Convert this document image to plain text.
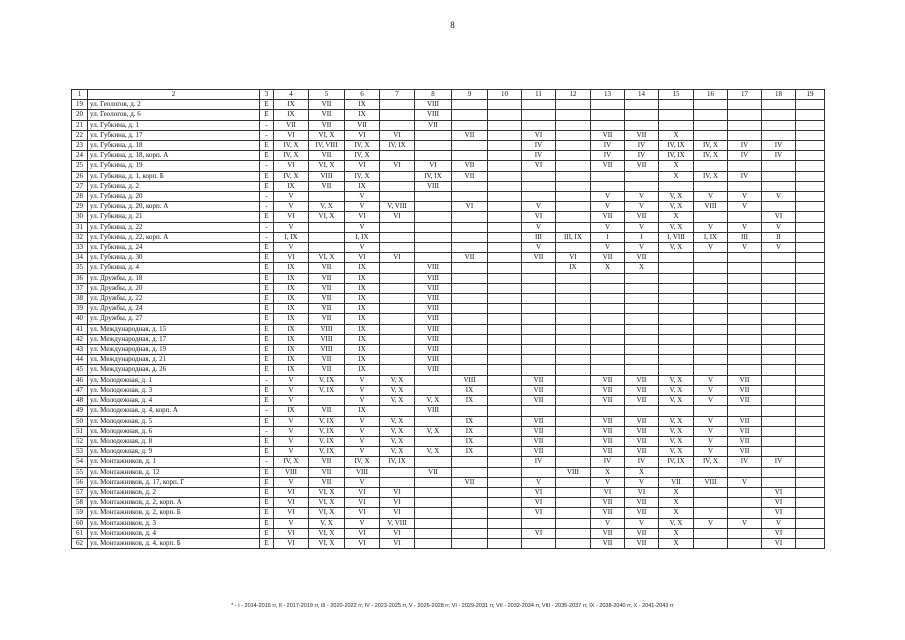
8
1	2	3	4	5	6	7	8	9	10	11	12	13	14	15	16	17	18	19
19	ул. Геологов, д. 2	Е	IX	VII	IX		VIII											
20	ул. Геологов, д. 6	Е	IX	VII	IX		VIII											
21	ул. Губкина, д. 1	-	VII	VII	VII		VII											
22	ул. Губкина, д. 17	-	VI	VI, X	VI	VI		VII		VI		VII	VII	X				
23	ул. Губкина, д. 18	Е	IV, X	IV, VIII	IV, X	IV, IX				IV		IV	IV	IV, IX	IV, X	IV	IV	
24	ул. Губкина, д. 18, корп. А	Е	IV, X	VII	IV, X					IV		IV	IV	IV, IX	IV, X	IV	IV	
25	ул. Губкина, д. 19	-	VI	VI, X	VI	VI	VI	VII		VI		VII	VII	X				
26	ул. Губкина, д. 1, корп. Б	Е	IV, X	VIII	IV, X		IV, IX	VII						X	IV, X	IV		
27	ул. Губкина, д. 2	Е	IX	VII	IX		VIII											
28	ул. Губкина, д. 20	-	V		V							V	V	V, X	V	V	V	
29	ул. Губкина, д. 20, корп. А	-	V	V, X	V	V, VIII		VI		V		V	V	V, X	VIII	V		
30	ул. Губкина, д. 21	Е	VI	VI, X	VI	VI				VI		VII	VII	X			VI	
31	ул. Губкина, д. 22	-	V		V					V		V	V	V, X	V	V	V	
32	ул. Губкина, д. 22, корп. А	-	I, IX		I, IX					III	III, IX	I	I	I, VIII	I, IX	III	II	
33	ул. Губкина, д. 24	Е	V		V					V		V	V	V, X	V	V	V	
34	ул. Губкина, д. 30	Е	VI	VI, X	VI	VI		VII		VII	VI	VII	VII					
35	ул. Губкина, д. 4	Е	IX	VII	IX		VIII				IX	X	X					
36	ул. Дружбы, д. 18	Е	IX	VII	IX		VIII											
37	ул. Дружбы, д. 20	Е	IX	VII	IX		VIII											
38	ул. Дружбы, д. 22	Е	IX	VII	IX		VIII											
39	ул. Дружбы, д. 24	Е	IX	VII	IX		VIII											
40	ул. Дружбы, д. 27	Е	IX	VII	IX		VIII											
41	ул. Международная, д. 15	Е	IX	VIII	IX		VIII											
42	ул. Международная, д. 17	Е	IX	VIII	IX		VIII											
43	ул. Международная, д. 19	Е	IX	VIII	IX		VIII											
44	ул. Международная, д. 21	Е	IX	VII	IX		VIII											
45	ул. Международная, д. 26	Е	IX	VII	IX		VIII											
46	ул. Молодежная, д. 1	-	V	V, IX	V	V, X		VIII		VII		VII	VII	V, X	V	VII		
47	ул. Молодежная, д. 3	Е	V	V, IX	V	V, X		IX		VII		VII	VII	V, X	V	VII		
48	ул. Молодежная, д. 4	Е	V		V	V, X	V, X	IX		VII		VII	VII	V, X	V	VII		
49	ул. Молодежная, д. 4, корп. А	-	IX	VII	IX		VIII											
50	ул. Молодежная, д. 5	Е	V	V, IX	V	V, X		IX		VII		VII	VII	V, X	V	VII		
51	ул. Молодежная, д. 6	-	V	V, IX	V	V, X	V, X	IX		VII		VII	VII	V, X	V	VII		
52	ул. Молодежная, д. 8	Е	V	V, IX	V	V, X		IX		VII		VII	VII	V, X	V	VII		
53	ул. Молодежная, д. 9	Е	V	V, IX	V	V, X	V, X	IX		VII		VII	VII	V, X	V	VII		
54	ул. Монтажников, д. 1	-	IV, X	VII	IV, X	IV, IX				IV		IV	IV	IV, IX	IV, X	IV	IV	
55	ул. Монтажников, д. 12	Е	VIII	VII	VIII		VII				VIII	X	X					
56	ул. Монтажников, д. 17, корп. Г	Е	V	VII	V			VII		V		V	V	VII	VIII	V		
57	ул. Монтажников, д. 2	Е	VI	VI, X	VI	VI				VI		VI	VI	X			VI	
58	ул. Монтажников, д. 2, корп. А	Е	VI	VI, X	VI	VI				VI		VII	VII	X			VI	
59	ул. Монтажников, д. 2, корп. Б	Е	VI	VI, X	VI	VI				VI		VII	VII	X			VI	
60	ул. Монтажников, д. 3	Е	V	V, X	V	V, VIII						V	V	V, X	V	V	V	
61	ул. Монтажников, д. 4	Е	VI	VI, X	VI	VI				VI		VII	VII	X			VI	
62	ул. Монтажников, д. 4, корп. Б	Е	VI	VI, X	VI	VI						VII	VII	X			VI	
* - I - 2014-2016 гг, II - 2017-2019 гг, III - 2020-2022 гг, IV - 2023-2025 гг, V - 2026-2028 гг, VI - 2029-2031 гг, VII - 2032-2034 гг, VIII - 2035-2037 гг, IX - 2038-2040 гг, X - 2041-2043 гг
